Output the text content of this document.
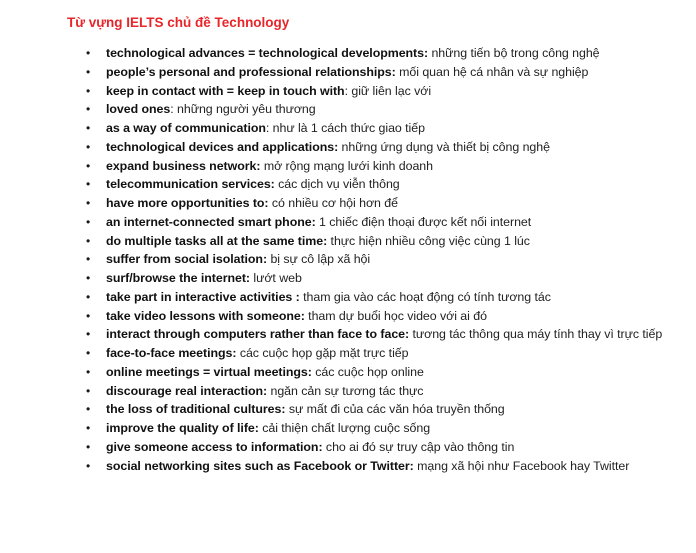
Từ vựng IELTS chủ đề Technology
• technological advances = technological developments: những tiến bộ trong công nghệ
• people’s personal and professional relationships: mối quan hệ cá nhân và sự nghiệp
• keep in contact with = keep in touch with: giữ liên lạc với
• loved ones: những người yêu thương
• as a way of communication: như là 1 cách thức giao tiếp
• technological devices and applications: những ứng dụng và thiết bị công nghệ
• expand business network: mở rộng mạng lưới kinh doanh
• telecommunication services: các dịch vụ viễn thông
• have more opportunities to: có nhiều cơ hội hơn để
• an internet-connected smart phone: 1 chiếc điện thoại được kết nối internet
• do multiple tasks all at the same time: thực hiện nhiều công việc cùng 1 lúc
• suffer from social isolation: bị sự cô lập xã hội
• surf/browse the internet: lướt web
• take part in interactive activities : tham gia vào các hoạt động có tính tương tác
• take video lessons with someone: tham dự buổi học video với ai đó
• interact through computers rather than face to face: tương tác thông qua máy tính thay vì trực tiếp
• face-to-face meetings: các cuộc họp gặp mặt trực tiếp
• online meetings = virtual meetings: các cuộc họp online
• discourage real interaction: ngăn cản sự tương tác thực
• the loss of traditional cultures: sự mất đi của các văn hóa truyền thống
• improve the quality of life: cải thiện chất lượng cuộc sống
• give someone access to information: cho ai đó sự truy cập vào thông tin
• social networking sites such as Facebook or Twitter: mạng xã hội như Facebook hay Twitter
